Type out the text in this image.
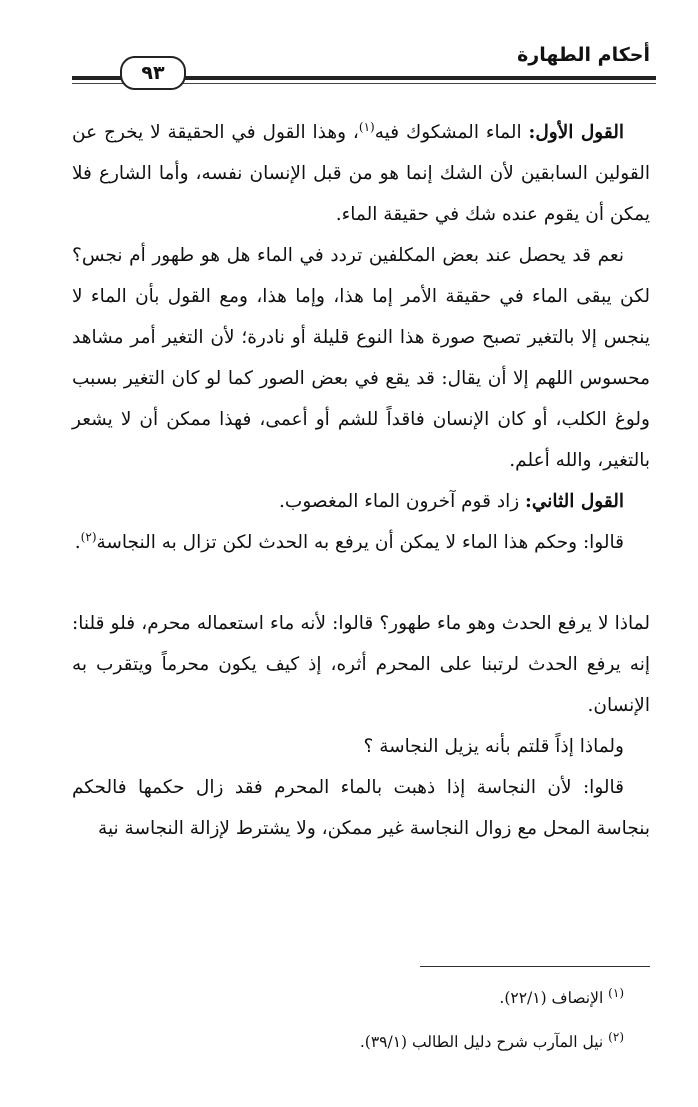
أحكام الطهارة
٩٣

القول الأول: الماء المشكوك فيه$^{(١)}$، وهذا القول في الحقيقة لا يخرج عن القولين السابقين لأن الشك إنما هو من قبل الإنسان نفسه، وأما الشارع فلا يمكن أن يقوم عنده شك في حقيقة الماء.

نعم قد يحصل عند بعض المكلفين تردد في الماء هل هو طهور أم نجس؟ لكن يبقى الماء في حقيقة الأمر إما هذا، وإما هذا، ومع القول بأن الماء لا ينجس إلا بالتغير تصبح صورة هذا النوع قليلة أو نادرة؛ لأن التغير أمر مشاهد محسوس اللهم إلا أن يقال: قد يقع في بعض الصور كما لو كان التغير بسبب ولوغ الكلب، أو كان الإنسان فاقداً للشم أو أعمى، فهذا ممكن أن لا يشعر بالتغير، والله أعلم.

القول الثاني: زاد قوم آخرون الماء المغصوب.

قالوا: وحكم هذا الماء لا يمكن أن يرفع به الحدث لكن تزال به النجاسة$^{(٢)}$.

لماذا لا يرفع الحدث وهو ماء طهور؟ قالوا: لأنه ماء استعماله محرم، فلو قلنا: إنه يرفع الحدث لرتبنا على المحرم أثره، إذ كيف يكون محرماً ويتقرب به الإنسان.

ولماذا إذاً قلتم بأنه يزيل النجاسة ؟

قالوا: لأن النجاسة إذا ذهبت بالماء المحرم فقد زال حكمها فالحكم بنجاسة المحل مع زوال النجاسة غير ممكن، ولا يشترط لإزالة النجاسة نية

$^{(١)}$ الإنصاف (٢٢/١).

$^{(٢)}$ نيل المآرب شرح دليل الطالب (٣٩/١).
